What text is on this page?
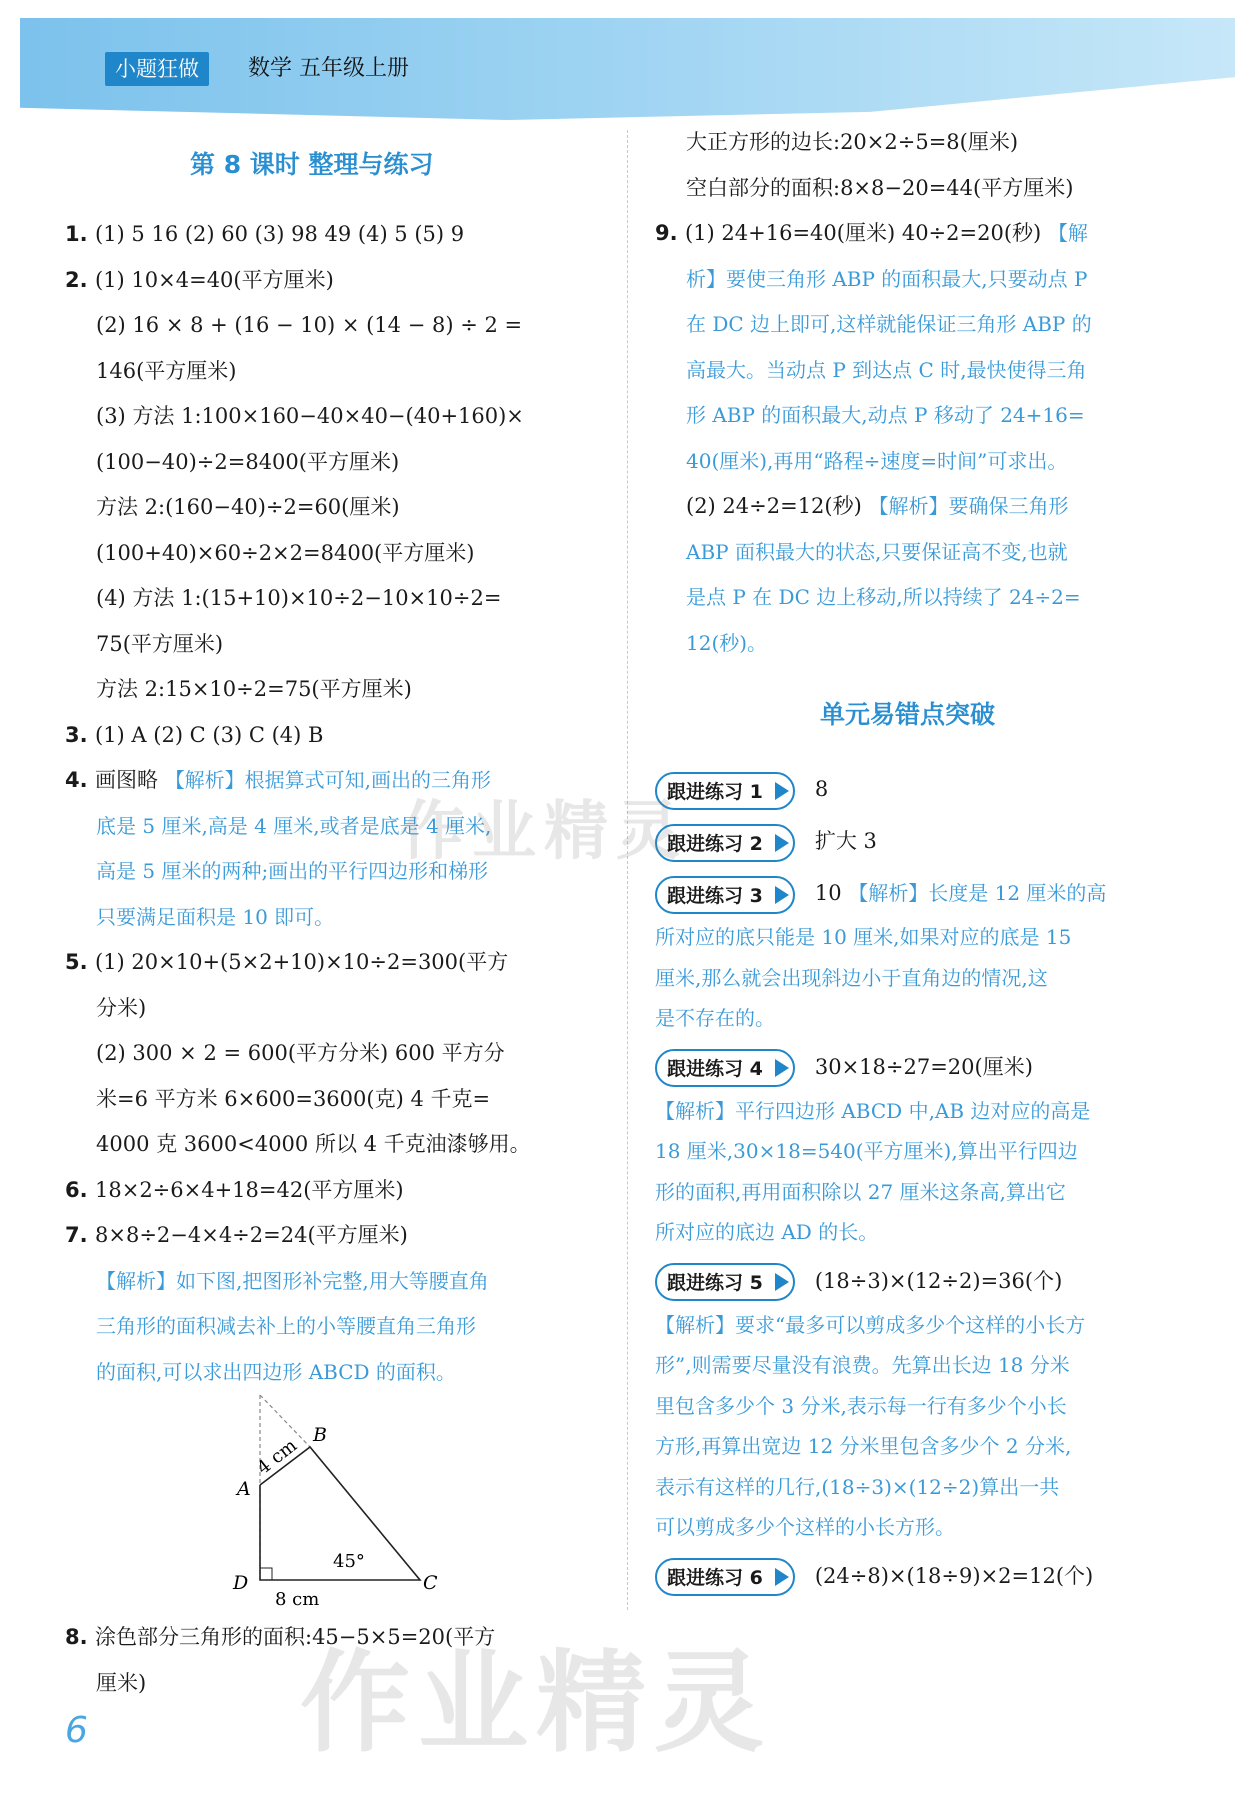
小题狂做	数学 五年级上册
第 8 课时 整理与练习
1. (1) 5 16 (2) 60 (3) 98 49 (4) 5 (5) 9
2. (1) 10×4=40(平方厘米)
(2) 16 × 8 + (16 − 10) × (14 − 8) ÷ 2 =
146(平方厘米)
(3) 方法 1:100×160−40×40−(40+160)×
(100−40)÷2=8400(平方厘米)
方法 2:(160−40)÷2=60(厘米)
(100+40)×60÷2×2=8400(平方厘米)
(4) 方法 1:(15+10)×10÷2−10×10÷2=
75(平方厘米)
方法 2:15×10÷2=75(平方厘米)
3. (1) A (2) C (3) C (4) B
4. 画图略 【解析】根据算式可知,画出的三角形
底是 5 厘米,高是 4 厘米,或者是底是 4 厘米,
高是 5 厘米的两种;画出的平行四边形和梯形
只要满足面积是 10 即可。
5. (1) 20×10+(5×2+10)×10÷2=300(平方
分米)
(2) 300 × 2 = 600(平方分米) 600 平方分
米=6 平方米 6×600=3600(克) 4 千克=
4000 克 3600<4000 所以 4 千克油漆够用。
6. 18×2÷6×4+18=42(平方厘米)
7. 8×8÷2−4×4÷2=24(平方厘米)
【解析】如下图,把图形补完整,用大等腰直角
三角形的面积减去补上的小等腰直角三角形
的面积,可以求出四边形 ABCD 的面积。
B
A
D	C
4 cm
45°
8 cm
8. 涂色部分三角形的面积:45−5×5=20(平方
厘米)
大正方形的边长:20×2÷5=8(厘米)
空白部分的面积:8×8−20=44(平方厘米)
9. (1) 24+16=40(厘米) 40÷2=20(秒) 【解
析】要使三角形 ABP 的面积最大,只要动点 P
在 DC 边上即可,这样就能保证三角形 ABP 的
高最大。当动点 P 到达点 C 时,最快使得三角
形 ABP 的面积最大,动点 P 移动了 24+16=
40(厘米),再用“路程÷速度=时间”可求出。
(2) 24÷2=12(秒) 【解析】要确保三角形
ABP 面积最大的状态,只要保证高不变,也就
是点 P 在 DC 边上移动,所以持续了 24÷2=
12(秒)。
单元易错点突破
跟进练习 1 8
跟进练习 2 扩大 3
跟进练习 3 10 【解析】长度是 12 厘米的高
所对应的底只能是 10 厘米,如果对应的底是 15
厘米,那么就会出现斜边小于直角边的情况,这
是不存在的。
跟进练习 4 30×18÷27=20(厘米)
【解析】平行四边形 ABCD 中,AB 边对应的高是
18 厘米,30×18=540(平方厘米),算出平行四边
形的面积,再用面积除以 27 厘米这条高,算出它
所对应的底边 AD 的长。
跟进练习 5 (18÷3)×(12÷2)=36(个)
【解析】要求“最多可以剪成多少个这样的小长方
形”,则需要尽量没有浪费。先算出长边 18 分米
里包含多少个 3 分米,表示每一行有多少个小长
方形,再算出宽边 12 分米里包含多少个 2 分米,
表示有这样的几行,(18÷3)×(12÷2)算出一共
可以剪成多少个这样的小长方形。
跟进练习 6 (24÷8)×(18÷9)×2=12(个)
6
作业精灵
作业精灵
